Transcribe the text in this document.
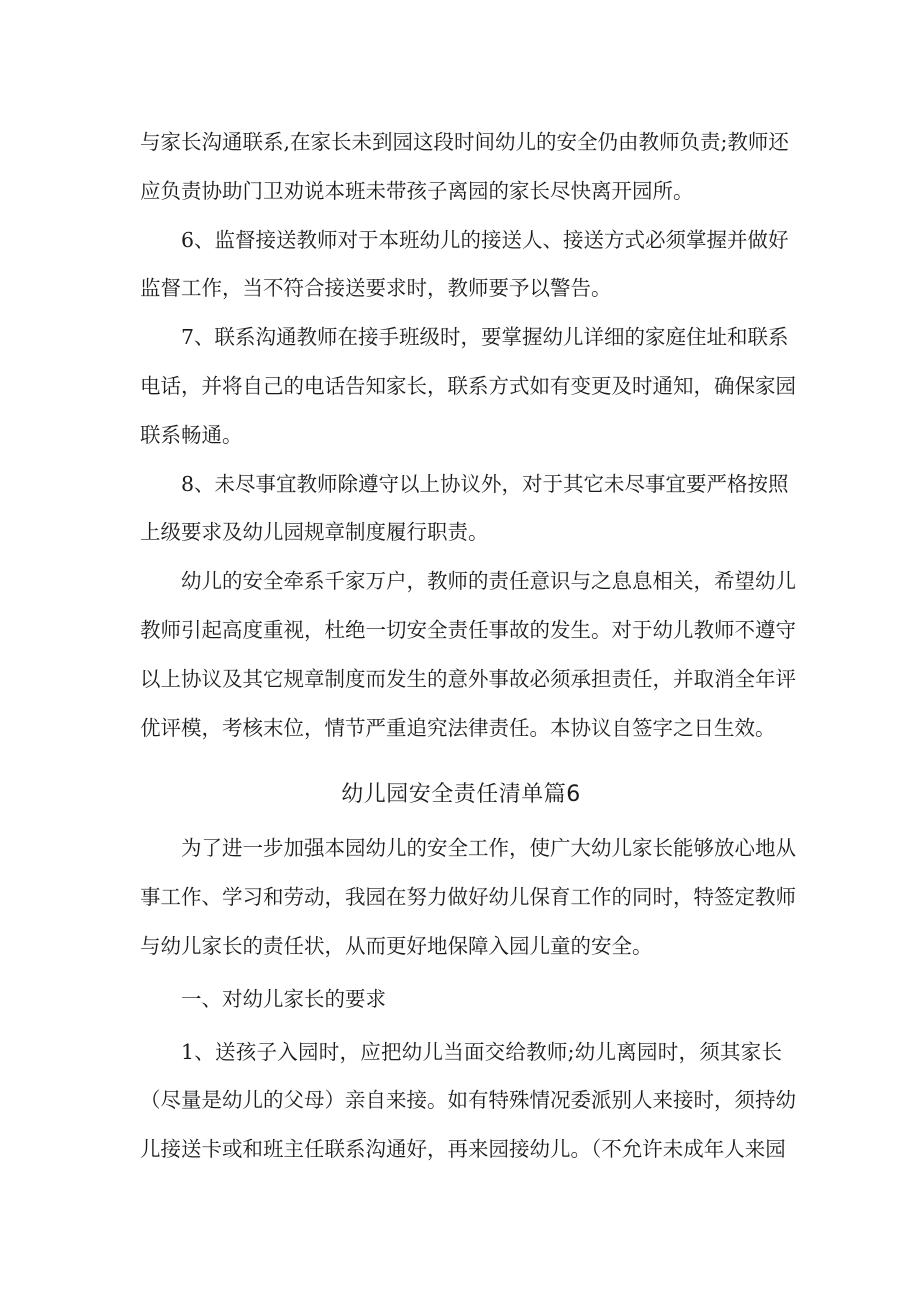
与家长沟通联系,在家长未到园这段时间幼儿的安全仍由教师负责;教师还
应负责协助门卫劝说本班未带孩子离园的家长尽快离开园所。
6、监督接送教师对于本班幼儿的接送人、接送方式必须掌握并做好
监督工作，当不符合接送要求时，教师要予以警告。
7、联系沟通教师在接手班级时，要掌握幼儿详细的家庭住址和联系
电话，并将自己的电话告知家长，联系方式如有变更及时通知，确保家园
联系畅通。
8、未尽事宜教师除遵守以上协议外，对于其它未尽事宜要严格按照
上级要求及幼儿园规章制度履行职责。
幼儿的安全牵系千家万户，教师的责任意识与之息息相关，希望幼儿
教师引起高度重视，杜绝一切安全责任事故的发生。对于幼儿教师不遵守
以上协议及其它规章制度而发生的意外事故必须承担责任，并取消全年评
优评模，考核末位，情节严重追究法律责任。本协议自签字之日生效。
幼儿园安全责任清单篇6
为了进一步加强本园幼儿的安全工作，使广大幼儿家长能够放心地从
事工作、学习和劳动，我园在努力做好幼儿保育工作的同时，特签定教师
与幼儿家长的责任状，从而更好地保障入园儿童的安全。
一、对幼儿家长的要求
1、送孩子入园时，应把幼儿当面交给教师;幼儿离园时，须其家长
（尽量是幼儿的父母）亲自来接。如有特殊情况委派别人来接时，须持幼
儿接送卡或和班主任联系沟通好，再来园接幼儿。（不允许未成年人来园
